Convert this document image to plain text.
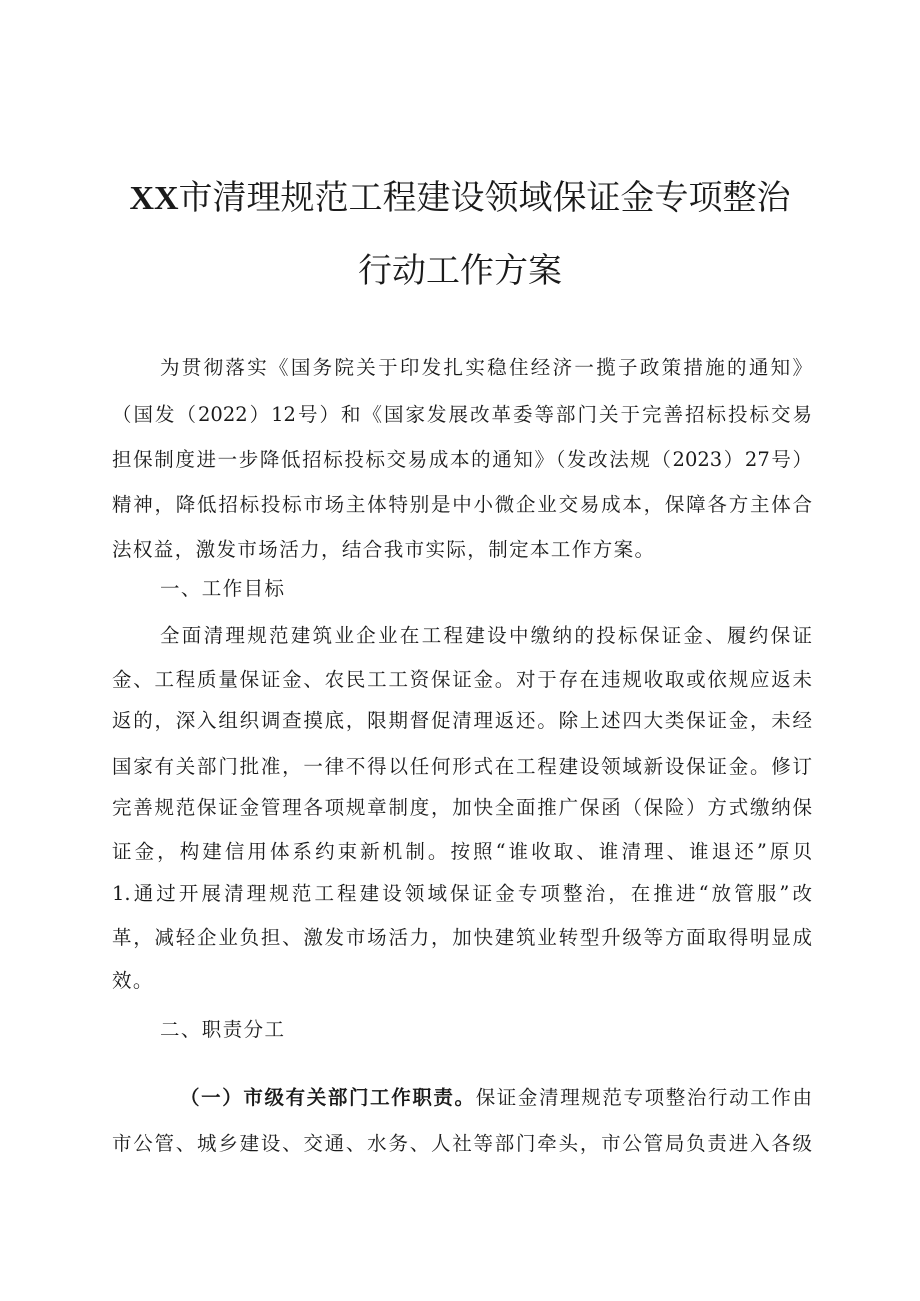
XX市清理规范工程建设领域保证金专项整治
行动工作方案
为贯彻落实《国务院关于印发扎实稳住经济一揽子政策措施的通知》
（国发（2022）12号）和《国家发展改革委等部门关于完善招标投标交易
担保制度进一步降低招标投标交易成本的通知》（发改法规（2023）27号）
精神，降低招标投标市场主体特别是中小微企业交易成本，保障各方主体合
法权益，激发市场活力，结合我市实际，制定本工作方案。
一、工作目标
全面清理规范建筑业企业在工程建设中缴纳的投标保证金、履约保证
金、工程质量保证金、农民工工资保证金。对于存在违规收取或依规应返未
返的，深入组织调查摸底，限期督促清理返还。除上述四大类保证金，未经
国家有关部门批准，一律不得以任何形式在工程建设领域新设保证金。修订
完善规范保证金管理各项规章制度，加快全面推广保函（保险）方式缴纳保
证金，构建信用体系约束新机制。按照“谁收取、谁清理、谁退还”原贝
1.通过开展清理规范工程建设领域保证金专项整治，在推进“放管服”改
革，减轻企业负担、激发市场活力，加快建筑业转型升级等方面取得明显成
效。
二、职责分工
（一）市级有关部门工作职责。保证金清理规范专项整治行动工作由
市公管、城乡建设、交通、水务、人社等部门牵头，市公管局负责进入各级
